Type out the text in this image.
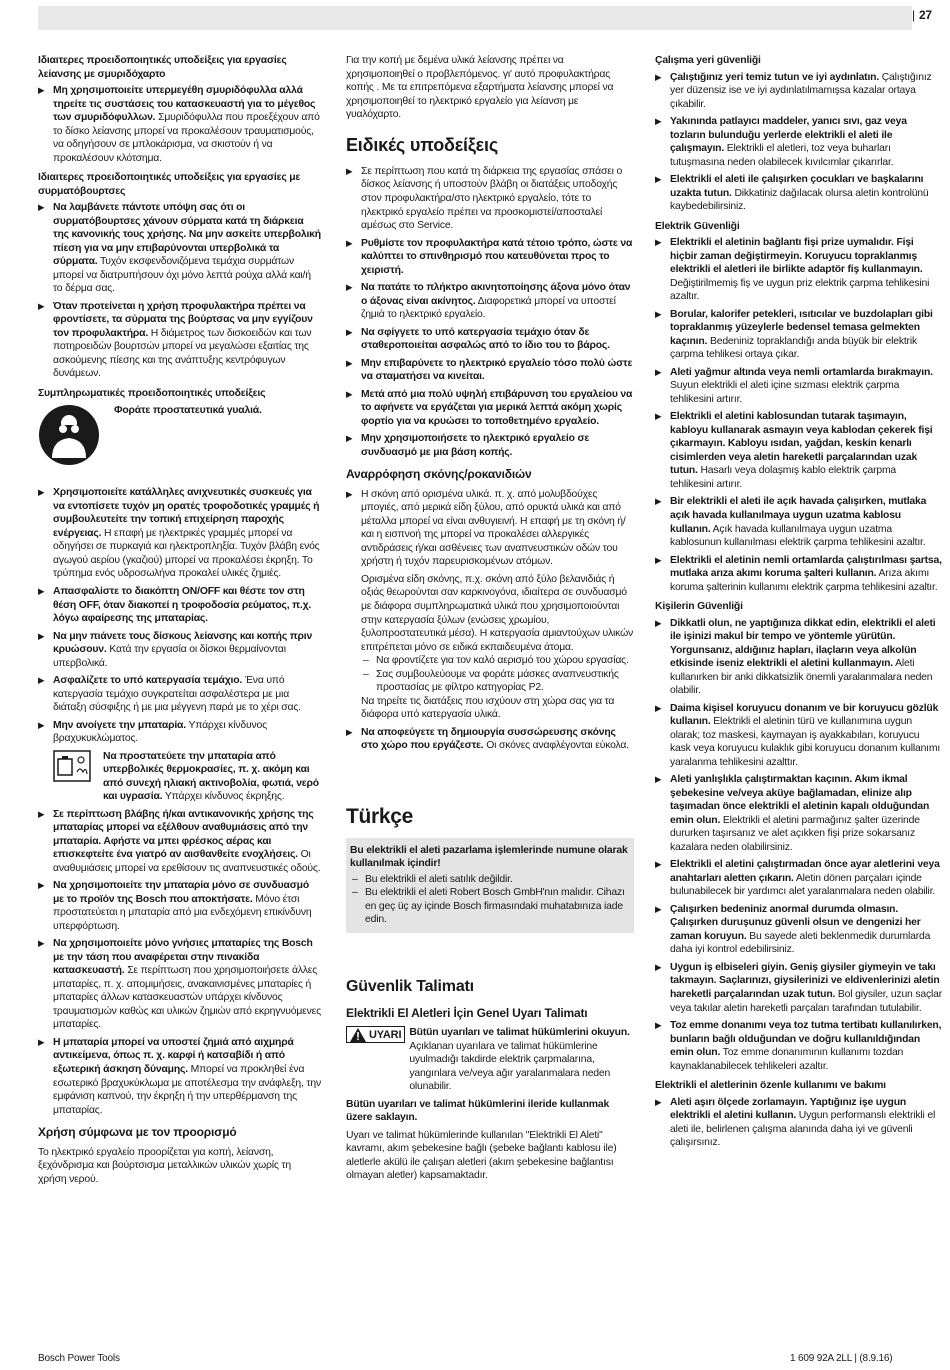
| 27
Ιδιαιτερες προειδοποιητικές υποδείξεις για εργασίες λείανσης με σμυριδόχαρτο
▶ Μη χρησιμοποιείτε υπερμεγέθη σμυριδόφυλλα αλλά τηρείτε τις συστάσεις του κατασκευαστή για το μέγεθος των σμυριδόφυλλων. Σμυριδόφυλλα που προεξέχουν από το δίσκο λείανσης μπορεί να προκαλέσουν τραυματισμούς, να οδηγήσουν σε μπλοκάρισμα, να σκιστούν ή να προκαλέσουν κλότσημα.
Ιδιαιτερες προειδοποιητικές υποδείξεις για εργασίες με συρματόβουρτσες
▶ Να λαμβάνετε πάντοτε υπόψη σας ότι οι συρματόβουρτσες χάνουν σύρματα κατά τη διάρκεια της κανονικής τους χρήσης. Να μην ασκείτε υπερβολική πίεση για να μην επιβαρύνονται υπερβολικά τα σύρματα. Τυχόν εκσφενδονιζόμενα τεμάχια συρμάτων μπορεί να διατρυπήσουν όχι μόνο λεπτά ρούχα αλλά και/ή το δέρμα σας.
▶ Όταν προτείνεται η χρήση προφυλακτήρα πρέπει να φροντίσετε, τα σύρματα της βούρτσας να μην εγγίζουν τον προφυλακτήρα. Η διάμετρος των δισκοειδών και των ποτηροειδών βουρτσών μπορεί να μεγαλώσει εξαιτίας της ασκούμενης πίεσης και της ανάπτυξης κεντρόφυγων δυνάμεων.
Συμπληρωματικές προειδοποιητικές υποδείξεις
Φοράτε προστατευτικά γυαλιά.
▶ Χρησιμοποιείτε κατάλληλες ανιχνευτικές συσκευές για να εντοπίσετε τυχόν μη ορατές τροφοδοτικές γραμμές ή συμβουλευτείτε την τοπική επιχείρηση παροχής ενέργειας. Η επαφή με ηλεκτρικές γραμμές μπορεί να οδηγήσει σε πυρκαγιά και ηλεκτροπληξία. Τυχόν βλάβη ενός αγωγού αερίου (γκαζιού) μπορεί να προκαλέσει έκρηξη. Το τρύπημα ενός υδροσωλήνα προκαλεί υλικές ζημιές.
▶ Απασφαλίστε το διακόπτη ON/OFF και θέστε τον στη θέση OFF, όταν διακοπεί η τροφοδοσία ρεύματος, π.χ. λόγω αφαίρεσης της μπαταρίας.
▶ Να μην πιάνετε τους δίσκους λείανσης και κοπής πριν κρυώσουν. Κατά την εργασία οι δίσκοι θερμαίνονται υπερβολικά.
▶ Ασφαλίζετε το υπό κατεργασία τεμάχιο. Ένα υπό κατεργασία τεμάχιο συγκρατείται ασφαλέστερα με μια διάταξη σύσφιξης ή με μια μέγγενη παρά με το χέρι σας.
▶ Μην ανοίγετε την μπαταρία. Υπάρχει κίνδυνος βραχυκυκλώματος.
Να προστατεύετε την μπαταρία από υπερβολικές θερμοκρασίες, π. χ. ακόμη και από συνεχή ηλιακή ακτινοβολία, φωτιά, νερό και υγρασία. Υπάρχει κίνδυνος έκρηξης.
▶ Σε περίπτωση βλάβης ή/και αντικανονικής χρήσης της μπαταρίας μπορεί να εξέλθουν αναθυμιάσεις από την μπαταρία. Αφήστε να μπει φρέσκος αέρας και επισκεφτείτε ένα γιατρό αν αισθανθείτε ενοχλήσεις. Οι αναθυμιάσεις μπορεί να ερεθίσουν τις αναπνευστικές οδούς.
▶ Να χρησιμοποιείτε την μπαταρία μόνο σε συνδυασμό με το προϊόν της Bosch που αποκτήσατε. Μόνο έτσι προστατεύεται η μπαταρία από μια ενδεχόμενη επικίνδυνη υπερφόρτωση.
▶ Να χρησιμοποιείτε μόνο γνήσιες μπαταρίες της Bosch με την τάση που αναφέρεται στην πινακίδα κατασκευαστή. Σε περίπτωση που χρησιμοποιήσετε άλλες μπαταρίες, π. χ. απομιμήσεις, ανακαινισμένες μπαταρίες ή μπαταρίες άλλων κατασκευαστών υπάρχει κίνδυνος τραυματισμών καθώς και υλικών ζημιών από εκρηγνυόμενες μπαταρίες.
▶ Η μπαταρία μπορεί να υποστεί ζημιά από αιχμηρά αντικείμενα, όπως π. χ. καρφί ή κατσαβίδι ή από εξωτερική άσκηση δύναμης. Μπορεί να προκληθεί ένα εσωτερικό βραχυκύκλωμα με αποτέλεσμα την ανάφλεξη, την εμφάνιση καπνού, την έκρηξη ή την υπερθέρμανση της μπαταρίας.
Χρήση σύμφωνα με τον προορισμό
Το ηλεκτρικό εργαλείο προορίζεται για κοπή, λείανση, ξεχόνδρισμα και βούρτσισμα μεταλλικών υλικών χωρίς τη χρήση νερού.
Για την κοπή με δεμένα υλικά λείανσης πρέπει να χρησιμοποιηθεί ο προβλεπόμενος. γι' αυτό προφυλακτήρας κοπής . Με τα επιτρεπόμενα εξαρτήματα λείανσης μπορεί να χρησιμοποιηθεί το ηλεκτρικό εργαλείο για λείανση με γυαλόχαρτο.
Ειδικές υποδείξεις
▶ Σε περίπτωση που κατά τη διάρκεια της εργασίας σπάσει ο δίσκος λείανσης ή υποστούν βλάβη οι διατάξεις υποδοχής στον προφυλακτήρα/στο ηλεκτρικό εργαλείο, τότε το ηλεκτρικό εργαλείο πρέπει να προσκομιστεί/αποσταλεί αμέσως στο Service.
▶ Ρυθμίστε τον προφυλακτήρα κατά τέτοιο τρόπο, ώστε να καλύπτει το σπινθηρισμό που κατευθύνεται προς το χειριστή.
▶ Να πατάτε το πλήκτρο ακινητοποίησης άξονα μόνο όταν ο άξονας είναι ακίνητος. Διαφορετικά μπορεί να υποστεί ζημιά το ηλεκτρικό εργαλείο.
▶ Να σφίγγετε το υπό κατεργασία τεμάχιο όταν δε σταθεροποιείται ασφαλώς από το ίδιο του το βάρος.
▶ Μην επιβαρύνετε το ηλεκτρικό εργαλείο τόσο πολύ ώστε να σταματήσει να κινείται.
▶ Μετά από μια πολύ υψηλή επιβάρυνση του εργαλείου να το αφήνετε να εργάζεται για μερικά λεπτά ακόμη χωρίς φορτίο για να κρυώσει το τοποθετημένο εργαλείο.
▶ Μην χρησιμοποιήσετε το ηλεκτρικό εργαλείο σε συνδυασμό με μια βάση κοπής.
Αναρρόφηση σκόνης/ροκανιδιών
▶ Η σκόνη από ορισμένα υλικά. π. χ. από μολυβδούχες μπογιές, από μερικά είδη ξύλου, από ορυκτά υλικά και από μέταλλα μπορεί να είναι ανθυγιεινή. Η επαφή με τη σκόνη ή/και η εισπνοή της μπορεί να προκαλέσει αλλεργικές αντιδράσεις ή/και ασθένειες των αναπνευστικών οδών του χρήστη ή τυχόν παρευρισκομένων ατόμων.
Ορισμένα είδη σκόνης, π.χ. σκόνη από ξύλο βελανιδιάς ή οξιάς θεωρούνται σαν καρκινογόνα, ιδιαίτερα σε συνδυασμό με διάφορα συμπληρωματικά υλικά που χρησιμοποιούνται στην κατεργασία ξύλων (ενώσεις χρωμίου, ξυλοπροστατευτικά μέσα). Η κατεργασία αμιαντούχων υλικών επιτρέπεται μόνο σε ειδικά εκπαιδευμένα άτομα.
– Να φροντίζετε για τον καλό αερισμό του χώρου εργασίας.
– Σας συμβουλεύουμε να φοράτε μάσκες αναπνευστικής προστασίας με φίλτρο κατηγορίας P2.
Να τηρείτε τις διατάξεις που ισχύουν στη χώρα σας για τα διάφορα υπό κατεργασία υλικά.
▶ Να αποφεύγετε τη δημιουργία συσσώρευσης σκόνης στο χώρο που εργάζεστε. Οι σκόνες αναφλέγονται εύκολα.
Türkçe
Bu elektrikli el aleti pazarlama işlemlerinde numune olarak kullanılmak içindir!
– Bu elektrikli el aleti satılık değildir.
– Bu elektrikli el aleti Robert Bosch GmbH'nın malıdır. Cihazı en geç üç ay içinde Bosch firmasındaki muhatabınıza iade edin.
Güvenlik Talimatı
Elektrikli El Aletleri İçin Genel Uyarı Talimatı
UYARI Bütün uyarıları ve talimat hükümlerini okuyun. Açıklanan uyarılara ve talimat hükümlerine uyulmadığı takdirde elektrik çarpmalarına, yangınlara ve/veya ağır yaralanmalara neden olunabilir.
Bütün uyarıları ve talimat hükümlerini ileride kullanmak üzere saklayın.
Uyarı ve talimat hükümlerinde kullanılan "Elektrikli El Aleti" kavramı, akım şebekesine bağlı (şebeke bağlantı kablosu ile) aletlerle akülü ile çalışan aletleri (akım şebekesine bağlantısı olmayan aletler) kapsamaktadır.
Çalışma yeri güvenliği
▶ Çalıştığınız yeri temiz tutun ve iyi aydınlatın. Çalıştığınız yer düzensiz ise ve iyi aydınlatılmamışsa kazalar ortaya çıkabilir.
▶ Yakınında patlayıcı maddeler, yanıcı sıvı, gaz veya tozların bulunduğu yerlerde elektrikli el aleti ile çalışmayın. Elektrikli el aletleri, toz veya buharları tutuşmasına neden olabilecek kıvılcımlar çıkarırlar.
▶ Elektrikli el aleti ile çalışırken çocukları ve başkalarını uzakta tutun. Dikkatiniz dağılacak olursa aletin kontrolünü kaybedebilirsiniz.
Elektrik Güvenliği
▶ Elektrikli el aletinin bağlantı fişi prize uymalıdır. Fişi hiçbir zaman değiştirmeyin. Koruyucu topraklanmış elektrikli el aletleri ile birlikte adaptör fiş kullanmayın. Değiştirilmemiş fiş ve uygun priz elektrik çarpma tehlikesini azaltır.
▶ Borular, kalorifer petekleri, ısıtıcılar ve buzdolapları gibi topraklanmış yüzeylerle bedensel temasa gelmekten kaçının. Bedeniniz topraklandığı anda büyük bir elektrik çarpma tehlikesi ortaya çıkar.
▶ Aleti yağmur altında veya nemli ortamlarda bırakmayın. Suyun elektrikli el aleti içine sızması elektrik çarpma tehlikesini artırır.
▶ Elektrikli el aletini kablosundan tutarak taşımayın, kabloyu kullanarak asmayın veya kablodan çekerek fişi çıkarmayın. Kabloyu ısıdan, yağdan, keskin kenarlı cisimlerden veya aletin hareketli parçalarından uzak tutun. Hasarlı veya dolaşmış kablo elektrik çarpma tehlikesini artırır.
▶ Bir elektrikli el aleti ile açık havada çalışırken, mutlaka açık havada kullanılmaya uygun uzatma kablosu kullanın. Açık havada kullanılmaya uygun uzatma kablosunun kullanılması elektrik çarpma tehlikesini azaltır.
▶ Elektrikli el aletinin nemli ortamlarda çalıştırılması şartsa, mutlaka arıza akımı koruma şalteri kullanın. Arıza akımı koruma şalterinin kullanımı elektrik çarpma tehlikesini azaltır.
Kişilerin Güvenliği
▶ Dikkatli olun, ne yaptığınıza dikkat edin, elektrikli el aleti ile işinizi makul bir tempo ve yöntemle yürütün. Yorgunsanız, aldığınız hapları, ilaçların veya alkolün etkisinde iseniz elektrikli el aletini kullanmayın. Aleti kullanırken bir anki dikkatsizlik önemli yaralanmalara neden olabilir.
▶ Daima kişisel koruyucu donanım ve bir koruyucu gözlük kullanın. Elektrikli el aletinin türü ve kullanımına uygun olarak; toz maskesi, kaymayan iş ayakkabıları, koruyucu kask veya koruyucu kulaklık gibi koruyucu donanım kullanımı yaralanma tehlikesini azalttır.
▶ Aleti yanlışlıkla çalıştırmaktan kaçının. Akım ikmal şebekesine ve/veya aküye bağlamadan, elinize alıp taşımadan önce elektrikli el aletinin kapalı olduğundan emin olun. Elektrikli el aletini parmağınız şalter üzerinde dururken taşırsanız ve alet açıkken fişi prize sokarsanız kazalara neden olabilirsiniz.
▶ Elektrikli el aletini çalıştırmadan önce ayar aletlerini veya anahtarları aletten çıkarın. Aletin dönen parçaları içinde bulunabilecek bir yardımcı alet yaralanmalara neden olabilir.
▶ Çalışırken bedeniniz anormal durumda olmasın. Çalışırken duruşunuz güvenli olsun ve dengenizi her zaman koruyun. Bu sayede aleti beklenmedik durumlarda daha iyi kontrol edebilirsiniz.
▶ Uygun iş elbiseleri giyin. Geniş giysiler giymeyin ve takı takmayın. Saçlarınızı, giysilerinizi ve eldivenlerinizi aletin hareketli parçalarından uzak tutun. Bol giysiler, uzun saçlar veya takılar aletin hareketli parçaları tarafından tutulabilir.
▶ Toz emme donanımı veya toz tutma tertibatı kullanılırken, bunların bağlı olduğundan ve doğru kullanıldığından emin olun. Toz emme donanımının kullanımı tozdan kaynaklanabilecek tehlikeleri azaltır.
Elektrikli el aletlerinin özenle kullanımı ve bakımı
▶ Aleti aşırı ölçede zorlamayın. Yaptığınız işe uygun elektrikli el aletini kullanın. Uygun performanslı elektrikli el aleti ile, belirlenen çalışma alanında daha iyi ve güvenli çalışırsınız.
Bosch Power Tools	1 609 92A 2LL | (8.9.16)
